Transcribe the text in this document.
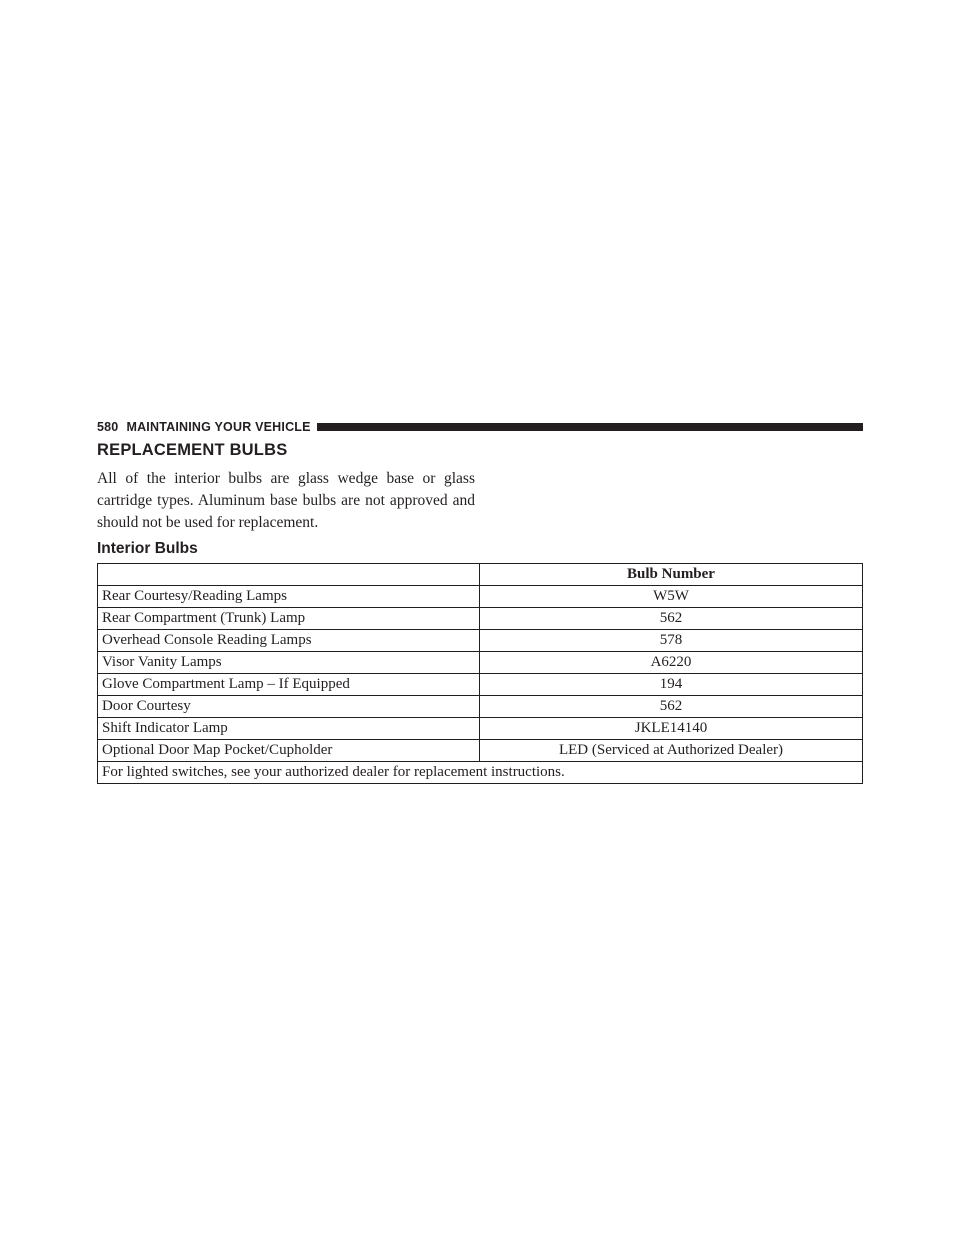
580 MAINTAINING YOUR VEHICLE
REPLACEMENT BULBS

All of the interior bulbs are glass wedge base or glass cartridge types. Aluminum base bulbs are not approved and should not be used for replacement.

Interior Bulbs
	Bulb Number
Rear Courtesy/Reading Lamps	W5W
Rear Compartment (Trunk) Lamp	562
Overhead Console Reading Lamps	578
Visor Vanity Lamps	A6220
Glove Compartment Lamp – If Equipped	194
Door Courtesy	562
Shift Indicator Lamp	JKLE14140
Optional Door Map Pocket/Cupholder	LED (Serviced at Authorized Dealer)
For lighted switches, see your authorized dealer for replacement instructions.	
